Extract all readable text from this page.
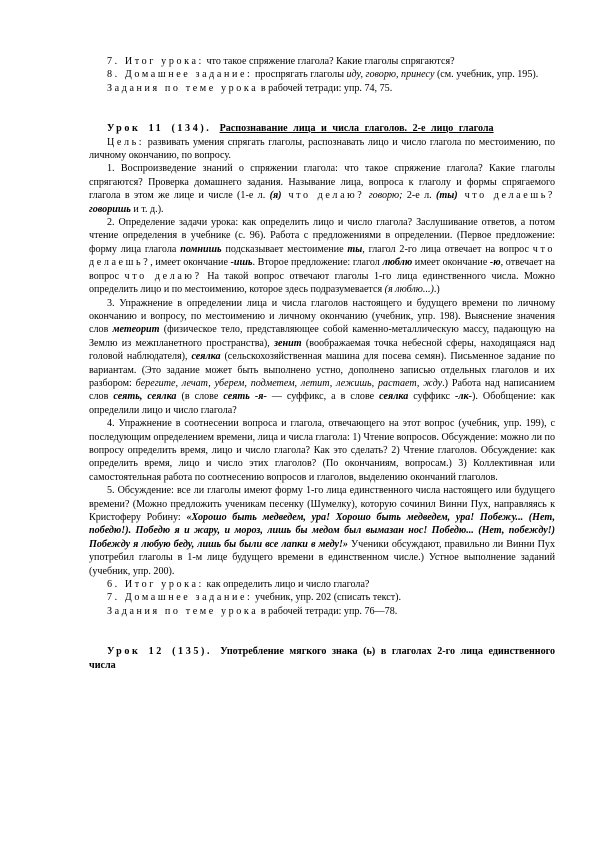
7. Итог урока: что такое спряжение глагола? Какие глаголы спрягаются?

8. Домашнее задание: проспрягать глаголы иду, говорю, принесу (см. учебник, упр. 195).

Задания по теме урока в рабочей тетради: упр. 74, 75.

Урок 11 (134). Распознавание лица и числа глаголов. 2-е лицо глагола

Цель: развивать умения спрягать глаголы, распознавать лицо и число глагола по местоимению, по личному окончанию, по вопросу.

1. Воспроизведение знаний о спряжении глагола: что такое спряжение глагола? Какие глаголы спрягаются? Проверка домашнего задания. Называние лица, вопроса к глаголу и формы спрягаемого глагола в этом же лице и числе (1-е л. (я) что делаю? говорю; 2-е л. (ты) что делаешь? говоришь и т. д.).

2. Определение задачи урока: как определить лицо и число глагола? Заслушивание ответов, а потом чтение определения в учебнике (с. 96). Работа с предложениями в определении. (Первое предложение: форму лица глагола помнишь подсказывает местоимение ты, глагол 2-го лица отвечает на вопрос что делаешь?, имеет окончание -ишь. Второе предложение: глагол люблю имеет окончание -ю, отвечает на вопрос что делаю? На такой вопрос отвечают глаголы 1-го лица единственного числа. Можно определить лицо и по местоимению, которое здесь подразумевается (я люблю...).)

3. Упражнение в определении лица и числа глаголов настоящего и будущего времени по личному окончанию и вопросу, по местоимению и личному окончанию (учебник, упр. 198). Выяснение значения слов метеорит (физическое тело, представляющее собой каменно-металлическую массу, падающую на Землю из межпланетного пространства), зенит (воображаемая точка небесной сферы, находящаяся над головой наблюдателя), сеялка (сельскохозяйственная машина для посева семян). Письменное задание по вариантам. (Это задание может быть выполнено устно, дополнено записью отдельных глаголов и их разбором: берегите, лечат, уберем, подметем, летит, лежишь, растает, жду.) Работа над написанием слов сеять, сеялка (в слове сеять -я- — суффикс, а в слове сеялка суффикс -лк-). Обобщение: как определили лицо и число глагола?

4. Упражнение в соотнесении вопроса и глагола, отвечающего на этот вопрос (учебник, упр. 199), с последующим определением времени, лица и числа глагола: 1) Чтение вопросов. Обсуждение: можно ли по вопросу определить время, лицо и число глагола? Как это сделать? 2) Чтение глаголов. Обсуждение: как определить время, лицо и число этих глаголов? (По окончаниям, вопросам.) 3) Коллективная или самостоятельная работа по соотнесению вопросов и глаголов, выделению окончаний глаголов.

5. Обсуждение: все ли глаголы имеют форму 1-го лица единственного числа настоящего или будущего времени? (Можно предложить ученикам песенку (Шумелку), которую сочинил Винни Пух, направляясь к Кристоферу Робину: «Хорошо быть медведем, ура! Хорошо быть медведем, ура! Побежу... (Нет, победю!). Победю я и жару, и мороз, лишь бы медом был вымазан нос! Победю... (Нет, побежду!) Побежду я любую беду, лишь бы были все лапки в меду!» Ученики обсуждают, правильно ли Винни Пух употребил глаголы в 1-м лице будущего времени в единственном числе.) Устное выполнение заданий (учебник, упр. 200).

6. Итог урока: как определить лицо и число глагола?

7. Домашнее задание: учебник, упр. 202 (списать текст).

Задания по теме урока в рабочей тетради: упр. 76—78.

Урок 12 (135). Употребление мягкого знака (ь) в глаголах 2-го лица единственного числа
